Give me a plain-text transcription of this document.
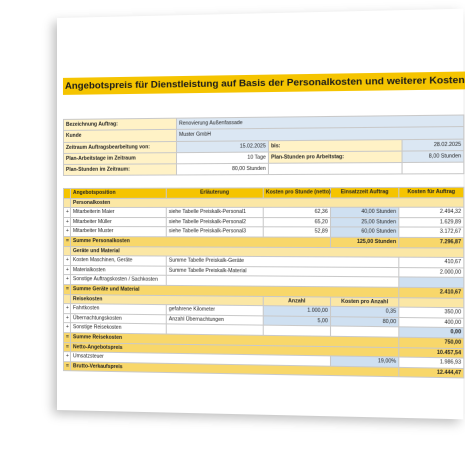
Angebotspreis für Dienstleistung auf Basis der Personalkosten und weiterer Kosten
Bezeichnung Auftrag:	Renovierung Außenfassade		
Kunde	Muster GmbH		
Zeitraum Auftragsbearbeitung von:	15.02.2025	bis:	28.02.2025
Plan-Arbeitstage im Zeitraum	10 Tage	Plan-Stunden pro Arbeitstag:	8,00 Stunden
Plan-Stunden im Zeitraum:	80,00 Stunden		
	Angebotsposition	Erläuterung	Kosten pro Stunde (netto)	Einsatzzeit Auftrag	Kosten für Auftrag
	Personalkosten				
+	Mitarbeiterin Maier	siehe Tabelle Preiskalk-Personal1	62,36	40,00 Stunden	2.494,32
+	Mitarbeiter Müller	siehe Tabelle Preiskalk-Personal2	65,20	25,00 Stunden	1.629,89
+	Mitarbeiter Muster	siehe Tabelle Preiskalk-Personal3	52,89	60,00 Stunden	3.172,67
=	Summe Personalkosten			125,00 Stunden	7.296,87
	Geräte und Material				
+	Kosten Maschinen, Geräte	Summe Tabelle Preiskalk-Geräte			410,67
+	Materialkosten	Summe Tabelle Preiskalk-Material			2.000,00
+	Sonstige Auftragskosten / Sachkosten				
=	Summe Geräte und Material				2.410,67
	Reisekosten		Anzahl	Kosten pro Anzahl	
+	Fahrtkosten	gefahrene Kilometer	1.000,00	0,35	350,00
+	Übernachtungskosten	Anzahl Übernachtungen	5,00	80,00	400,00
+	Sonstige Reisekosten				0,00
=	Summe Reisekosten				750,00
=	Netto-Angebotspreis				10.457,54
+	Umsatzsteuer			19,00%	1.986,93
=	Brutto-Verkaufspreis				12.444,47
